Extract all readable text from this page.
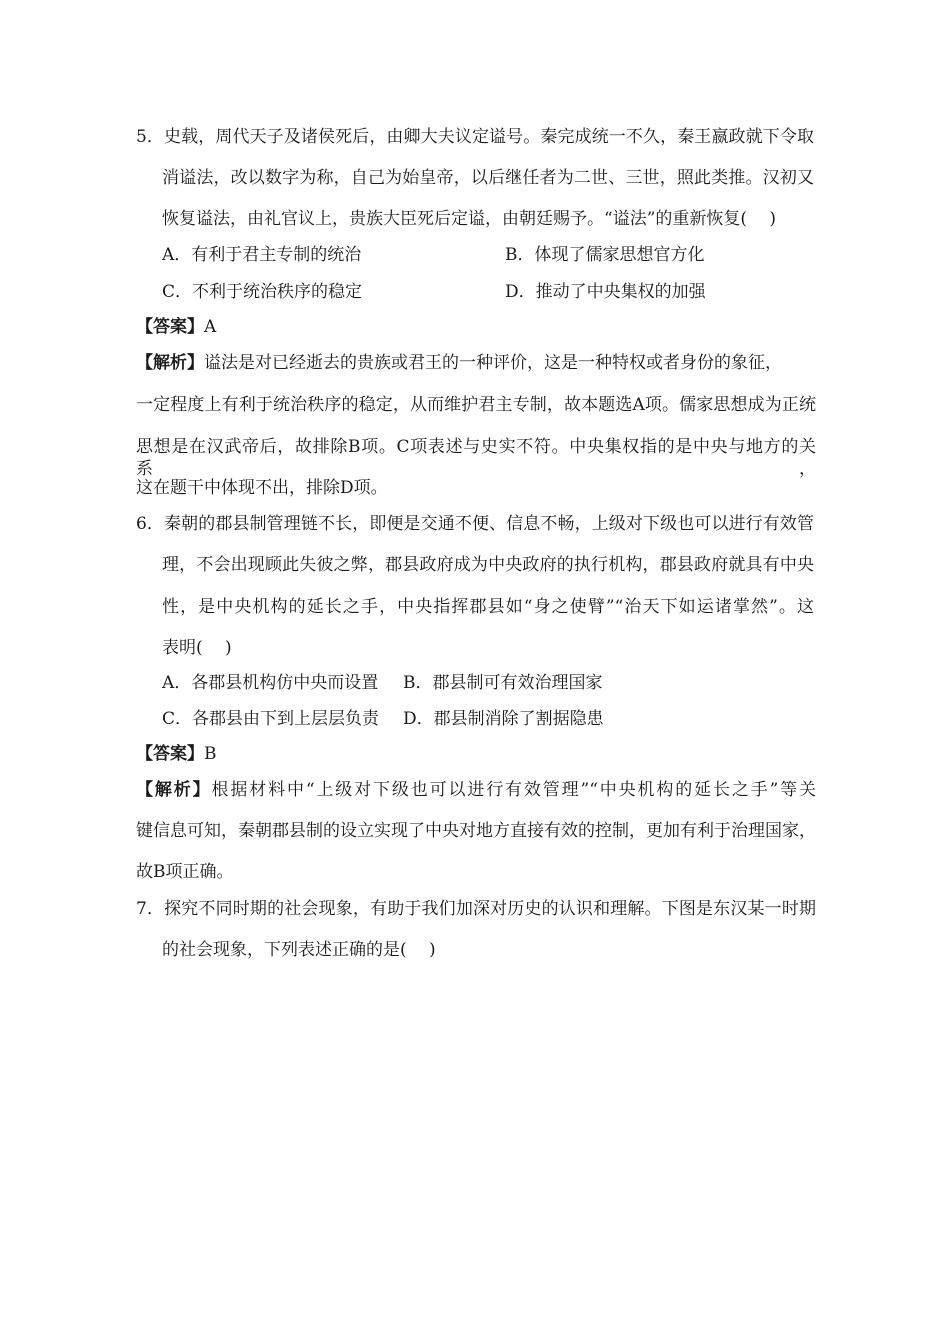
5．史载，周代天子及诸侯死后，由卿大夫议定谥号。秦完成统一不久，秦王嬴政就下令取
消谥法，改以数字为称，自己为始皇帝，以后继任者为二世、三世，照此类推。汉初又
恢复谥法，由礼官议上，贵族大臣死后定谥，由朝廷赐予。“谥法”的重新恢复(　 )
A．有利于君主专制的统治	B．体现了儒家思想官方化
C．不利于统治秩序的稳定	D．推动了中央集权的加强
【答案】A
【解析】谥法是对已经逝去的贵族或君王的一种评价，这是一种特权或者身份的象征，
一定程度上有利于统治秩序的稳定，从而维护君主专制，故本题选A项。儒家思想成为正统
思想是在汉武帝后，故排除B项。C项表述与史实不符。中央集权指的是中央与地方的关系，
这在题干中体现不出，排除D项。
6．秦朝的郡县制管理链不长，即便是交通不便、信息不畅，上级对下级也可以进行有效管
理，不会出现顾此失彼之弊，郡县政府成为中央政府的执行机构，郡县政府就具有中央
性，是中央机构的延长之手，中央指挥郡县如“身之使臂”“治天下如运诸掌然”。这
表明(　 )
A．各郡县机构仿中央而设置 B．郡县制可有效治理国家
C．各郡县由下到上层层负责 D．郡县制消除了割据隐患
【答案】B
【解析】根据材料中“上级对下级也可以进行有效管理”“中央机构的延长之手”等关
键信息可知，秦朝郡县制的设立实现了中央对地方直接有效的控制，更加有利于治理国家，
故B项正确。
7．探究不同时期的社会现象，有助于我们加深对历史的认识和理解。下图是东汉某一时期
的社会现象，下列表述正确的是(　 )
